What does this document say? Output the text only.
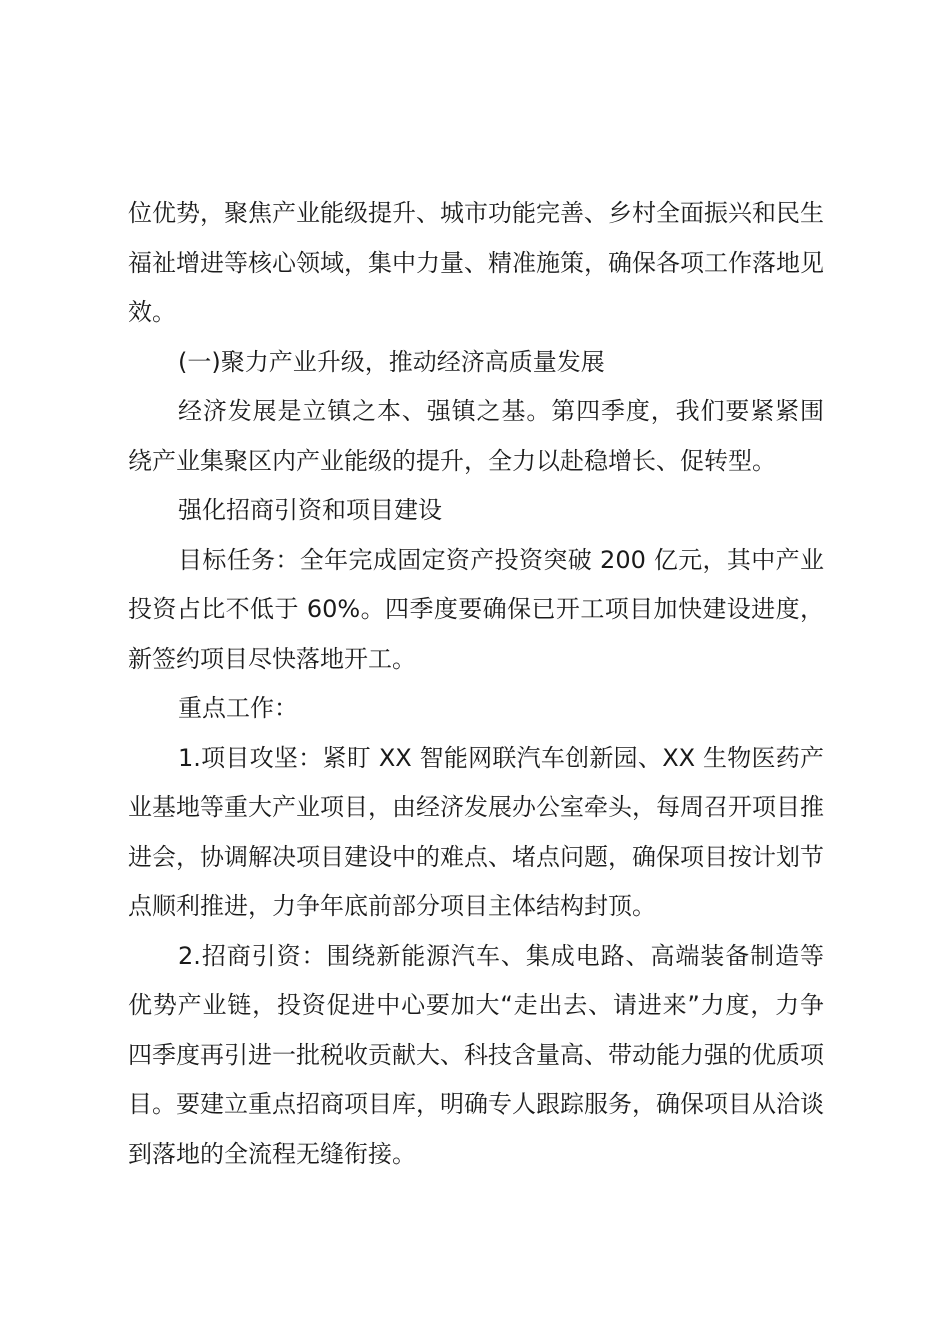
位优势，聚焦产业能级提升、城市功能完善、乡村全面振兴和民生福祉增进等核心领域，集中力量、精准施策，确保各项工作落地见效。

(一)聚力产业升级，推动经济高质量发展

经济发展是立镇之本、强镇之基。第四季度，我们要紧紧围绕产业集聚区内产业能级的提升，全力以赴稳增长、促转型。

强化招商引资和项目建设

目标任务：全年完成固定资产投资突破 200 亿元，其中产业投资占比不低于 60%。四季度要确保已开工项目加快建设进度，新签约项目尽快落地开工。

重点工作：

1.项目攻坚：紧盯 XX 智能网联汽车创新园、XX 生物医药产业基地等重大产业项目，由经济发展办公室牵头，每周召开项目推进会，协调解决项目建设中的难点、堵点问题，确保项目按计划节点顺利推进，力争年底前部分项目主体结构封顶。

2.招商引资：围绕新能源汽车、集成电路、高端装备制造等优势产业链，投资促进中心要加大“走出去、请进来”力度，力争四季度再引进一批税收贡献大、科技含量高、带动能力强的优质项目。要建立重点招商项目库，明确专人跟踪服务，确保项目从洽谈到落地的全流程无缝衔接。
